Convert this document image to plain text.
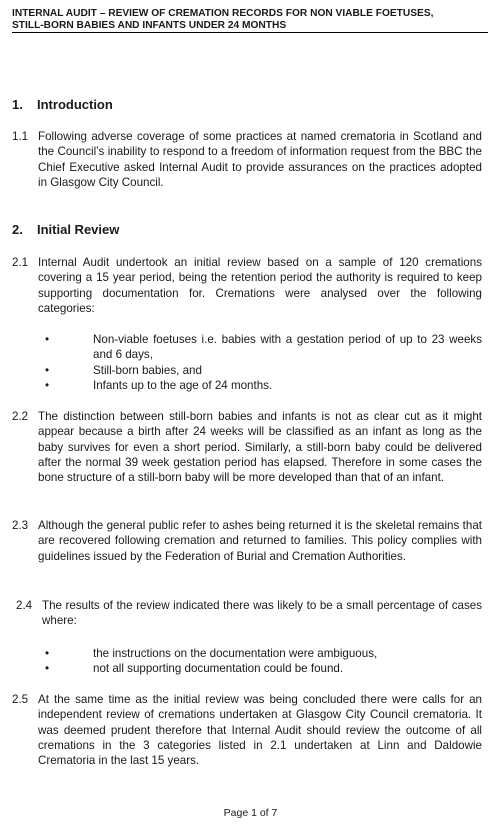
INTERNAL AUDIT – REVIEW OF CREMATION RECORDS FOR NON VIABLE FOETUSES,
STILL-BORN BABIES AND INFANTS UNDER 24 MONTHS
1. Introduction
1.1 Following adverse coverage of some practices at named crematoria in Scotland and the Council’s inability to respond to a freedom of information request from the BBC the Chief Executive asked Internal Audit to provide assurances on the practices adopted in Glasgow City Council.
2. Initial Review
2.1 Internal Audit undertook an initial review based on a sample of 120 cremations covering a 15 year period, being the retention period the authority is required to keep supporting documentation for. Cremations were analysed over the following categories:
•	Non-viable foetuses i.e. babies with a gestation period of up to 23 weeks and 6 days,
•	Still-born babies, and
•	Infants up to the age of 24 months.
2.2 The distinction between still-born babies and infants is not as clear cut as it might appear because a birth after 24 weeks will be classified as an infant as long as the baby survives for even a short period. Similarly, a still-born baby could be delivered after the normal 39 week gestation period has elapsed. Therefore in some cases the bone structure of a still-born baby will be more developed than that of an infant.
2.3 Although the general public refer to ashes being returned it is the skeletal remains that are recovered following cremation and returned to families. This policy complies with guidelines issued by the Federation of Burial and Cremation Authorities.
2.4 The results of the review indicated there was likely to be a small percentage of cases where:
•	the instructions on the documentation were ambiguous,
•	not all supporting documentation could be found.
2.5 At the same time as the initial review was being concluded there were calls for an independent review of cremations undertaken at Glasgow City Council crematoria. It was deemed prudent therefore that Internal Audit should review the outcome of all cremations in the 3 categories listed in 2.1 undertaken at Linn and Daldowie Crematoria in the last 15 years.
Page 1 of 7
